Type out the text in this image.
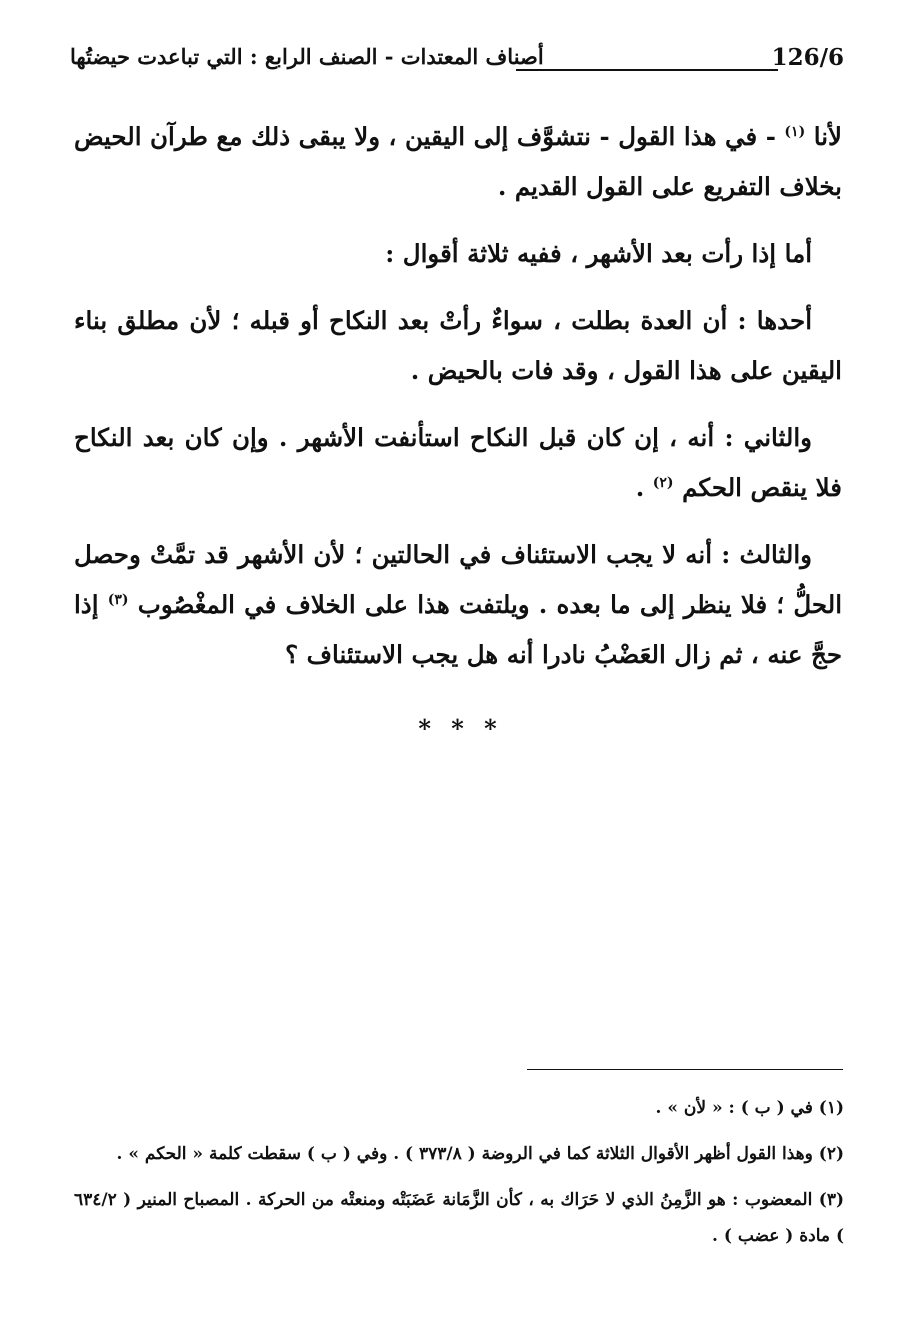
126/6
أصناف المعتدات - الصنف الرابع : التي تباعدت حيضتُها

لأنا $^{(١)}$ - في هذا القول - نتشوَّف إلى اليقين ، ولا يبقى ذلك مع طرآن الحيض بخلاف التفريع على القول القديم .

أما إذا رأت بعد الأشهر ، ففيه ثلاثة أقوال :

أحدها : أن العدة بطلت ، سواءٌ رأتْ بعد النكاح أو قبله ؛ لأن مطلق بناء اليقين على هذا القول ، وقد فات بالحيض .

والثاني : أنه ، إن كان قبل النكاح استأنفت الأشهر . وإن كان بعد النكاح فلا ينقص الحكم $^{(٢)}$ .

والثالث : أنه لا يجب الاستئناف في الحالتين ؛ لأن الأشهر قد تمَّتْ وحصل الحلُّ ؛ فلا ينظر إلى ما بعده . ويلتفت هذا على الخلاف في المغْصُوب $^{(٣)}$ إذا حجَّ عنه ، ثم زال العَضْبُ نادرا أنه هل يجب الاستئناف ؟

* * *

(١) في ( ب ) : « لأن » .

(٢) وهذا القول أظهر الأقوال الثلاثة كما في الروضة ( ٣٧٣/٨ ) . وفي ( ب ) سقطت كلمة « الحكم » .

(٣) المعضوب : هو الزَّمِنُ الذي لا حَرَاك به ، كأن الزَّمَانة عَضَبَتْه ومنعتْه من الحركة . المصباح المنير ( ٦٣٤/٢ ) مادة ( عضب ) .
